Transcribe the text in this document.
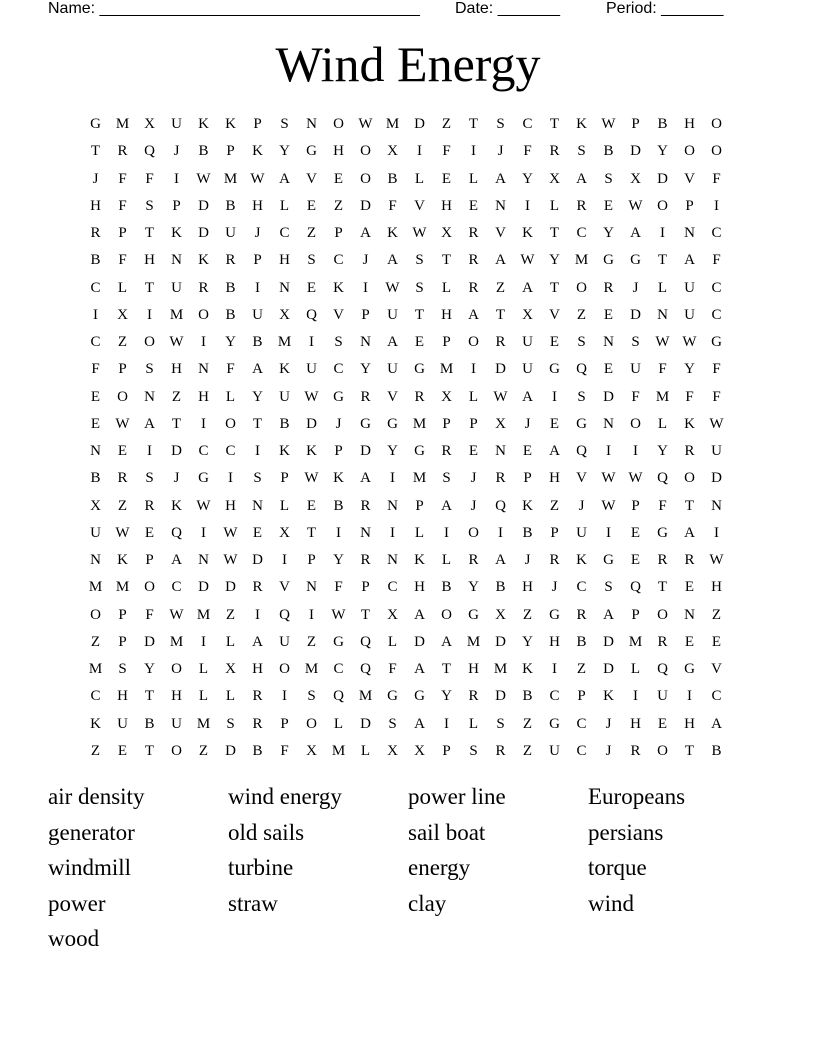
Name: ____________________________________ Date: _______	Period: _______
Wind Energy
G M X	U	K	K	P	S	N	O W M D	Z	T	S	C	T	K W	P	B	H	O
T	R	Q	J	B	P	K	Y	G	H	O	X	I	F	I	J	F	R	S	B	D	Y	O	O
J	F	F	I	W M W A	V	E	O	B	L	E	L	A	Y	X	A	S	X	D	V	F
H	F	S	P	D	B	H	L	E	Z	D	F	V	H	E	N	I	L	R	E	W O	P	I
R	P	T	K	D	U	J	C	Z	P	A	K W X	R	V	K	T	C	Y	A	I	N	C
B	F	H	N	K	R	P	H	S	C	J	A	S	T	R	A W Y M G	G	T	A	F
C	L	T	U	R	B	I	N	E	K	I	W	S	L	R	Z	A	T	O	R	J	L	U	C
I	X	I	M O	B	U	X	Q	V	P	U	T	H	A	T	X	V	Z	E	D	N	U	C
C	Z	O W	I	Y	B	M	I	S	N	A	E	P	O	R	U	E	S	N	S	W W G
F	P	S	H	N	F	A	K	U	C	Y	U	G M	I	D	U	G	Q	E	U	F	Y	F
E	O	N	Z	H	L	Y	U W G	R	V	R	X	L	W A	I	S	D	F	M	F	F
E	W A	T	I	O	T	B	D	J	G	G M	P	P	X	J	E	G	N	O	L	K W
N	E	I	D	C	C	I	K	K	P	D	Y	G	R	E	N	E	A	Q	I	I	Y	R	U
B	R	S	J	G	I	S	P	W K	A	I	M	S	J	R	P	H	V W W Q	O	D
X	Z	R	K W H	N	L	E	B	R	N	P	A	J	Q	K	Z	J	W	P	F	T	N
U W	E	Q	I	W	E	X	T	I	N	I	L	I	O	I	B	P	U	I	E	G	A	I
N	K	P	A	N W D	I	P	Y	R	N	K	L	R	A	J	R	K	G	E	R	R W
M M O	C	D	D	R	V	N	F	P	C	H	B	Y	B	H	J	C	S	Q	T	E	H
O	P	F	W M	Z	I	Q	I	W	T	X	A	O	G	X	Z	G	R	A	P	O	N	Z
Z	P	D M	I	L	A	U	Z	G	Q	L	D	A M D	Y	H	B	D M	R	E	E
M	S	Y	O	L	X	H	O M	C	Q	F	A	T	H M K	I	Z	D	L	Q	G	V
C	H	T	H	L	L	R	I	S	Q M G	G	Y	R	D	B	C	P	K	I	U	I	C
K	U	B	U M	S	R	P	O	L	D	S	A	I	L	S	Z	G	C	J	H	E	H	A
Z	E	T	O	Z	D	B	F	X M	L	X	X	P	S	R	Z	U	C	J	R	O	T	B
air density	wind energy	power line	Europeans
generator	old sails	sail boat	persians
windmill	turbine	energy	torque
power	straw	clay	wind
wood
